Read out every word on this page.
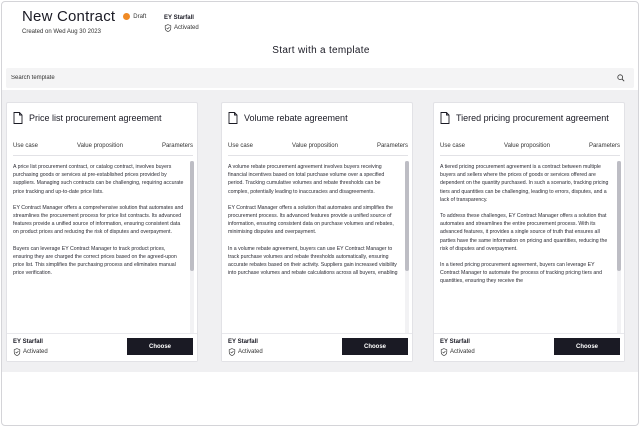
New Contract	Draft
Created on Wed Aug 30 2023
EY Starfall
Activated
Start with a template
Search template
Price list procurement agreement
Use case	Value proposition	Parameters

A price list procurement contract, or catalog contract, involves buyers purchasing goods or services at pre-established prices provided by suppliers. Managing such contracts can be challenging, requiring accurate price tracking and up-to-date price lists.

EY Contract Manager offers a comprehensive solution that automates and streamlines the procurement process for price list contracts. Its advanced features provide a unified source of information, ensuring consistent data on product prices and reducing the risk of disputes and overpayment.

Buyers can leverage EY Contract Manager to track product prices, ensuring they are charged the correct prices based on the agreed-upon price list. This simplifies the purchasing process and eliminates manual price verification.

EY Starfall
Activated
Choose
Volume rebate agreement
Use case	Value proposition	Parameters

A volume rebate procurement agreement involves buyers receiving financial incentives based on total purchase volume over a specified period. Tracking cumulative volumes and rebate thresholds can be complex, potentially leading to inaccuracies and disagreements.

EY Contract Manager offers a solution that automates and simplifies the procurement process. Its advanced features provide a unified source of information, ensuring consistent data on purchase volumes and rebates, minimising disputes and overpayment.

In a volume rebate agreement, buyers can use EY Contract Manager to track purchase volumes and rebate thresholds automatically, ensuring accurate rebates based on their activity. Suppliers gain increased visibility into purchase volumes and rebate calculations across all buyers, enabling

EY Starfall
Activated
Choose
Tiered pricing procurement agreement
Use case	Value proposition	Parameters

A tiered pricing procurement agreement is a contract between multiple buyers and sellers where the prices of goods or services offered are dependent on the quantity purchased. In such a scenario, tracking pricing tiers and quantities can be challenging, leading to errors, disputes, and a lack of transparency.

To address these challenges, EY Contract Manager offers a solution that automates and streamlines the entire procurement process. With its advanced features, it provides a single source of truth that ensures all parties have the same information on pricing and quantities, reducing the risk of disputes and overpayment.

In a tiered pricing procurement agreement, buyers can leverage EY Contract Manager to automate the process of tracking pricing tiers and quantities, ensuring they receive the

EY Starfall
Activated
Choose
